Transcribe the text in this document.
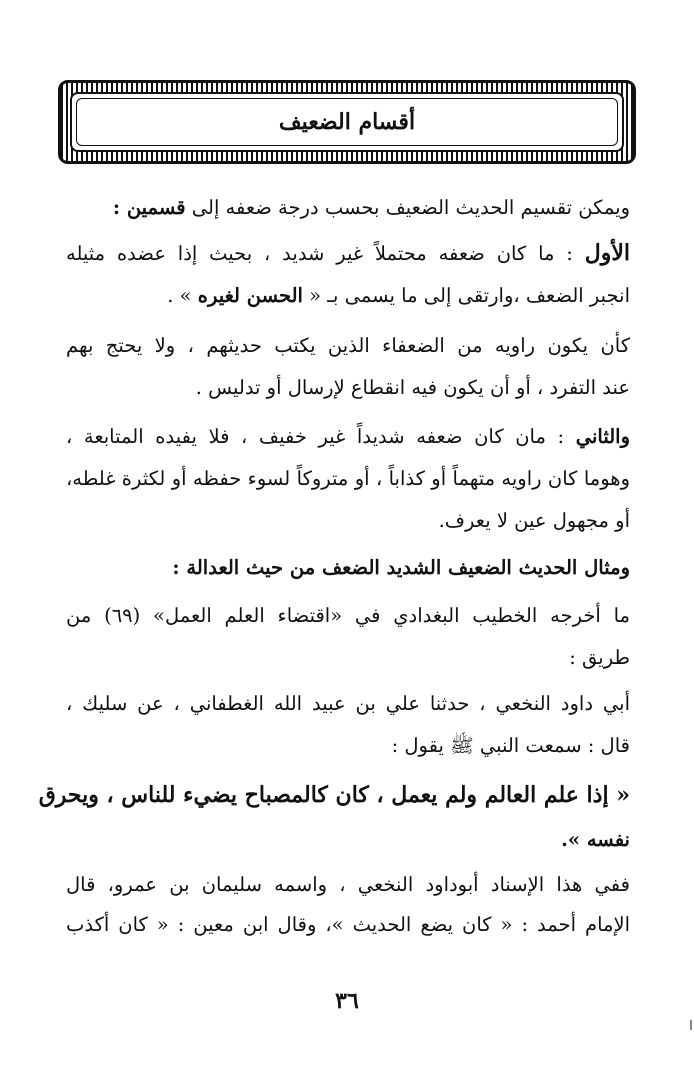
أقسام الضعيف
ويمكن تقسيم الحديث الضعيف بحسب درجة ضعفه إلى قسمين :
الأول : ما كان ضعفه محتملاً غير شديد ، بحيث إذا عضده مثيله
انجبر الضعف ،وارتقى إلى ما يسمى بـ « الحسن لغيره » .
كأن يكون راويه من الضعفاء الذين يكتب حديثهم ، ولا يحتج بهم
عند التفرد ، أو أن يكون فيه انقطاع لإرسال أو تدليس .
والثاني : مان كان ضعفه شديداً غير خفيف ، فلا يفيده المتابعة ،
وهوما كان راويه متهماً أو كذاباً ، أو متروكاً لسوء حفظه أو لكثرة غلطه،
أو مجهول عين لا يعرف.
ومثال الحديث الضعيف الشديد الضعف من حيث العدالة :
ما أخرجه الخطيب البغدادي في «اقتضاء العلم العمل» (٦٩) من
طريق :
أبي داود النخعي ، حدثنا علي بن عبيد الله الغطفاني ، عن سليك ،
قال : سمعت النبي ﷺ يقول :
« إذا علم العالم ولم يعمل ، كان كالمصباح يضيء للناس ، ويحرق
نفسه ».
ففي هذا الإسناد أبوداود النخعي ، واسمه سليمان بن عمرو، قال
الإمام أحمد : « كان يضع الحديث »، وقال ابن معين : « كان أكذب
٣٦
